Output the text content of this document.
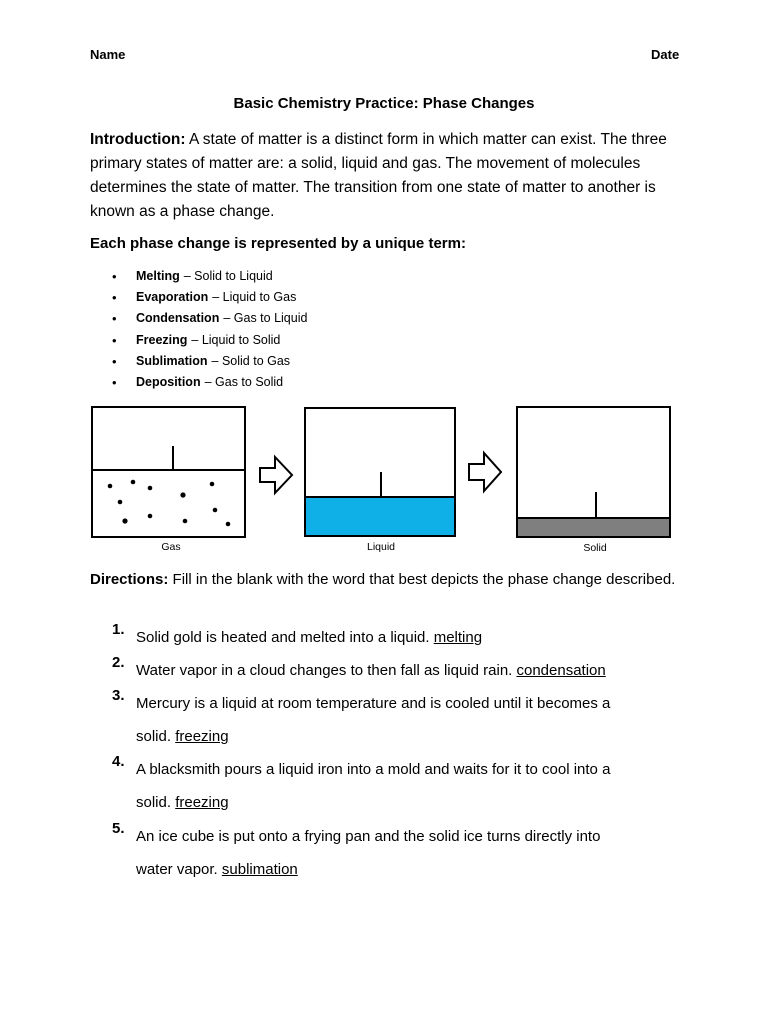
Name	Date
Basic Chemistry Practice: Phase Changes
Introduction: A state of matter is a distinct form in which matter can exist. The three primary states of matter are: a solid, liquid and gas. The movement of molecules determines the state of matter. The transition from one state of matter to another is known as a phase change.
Each phase change is represented by a unique term:
•	Melting – Solid to Liquid
•	Evaporation – Liquid to Gas
•	Condensation – Gas to Liquid
•	Freezing – Liquid to Solid
•	Sublimation – Solid to Gas
•	Deposition – Gas to Solid
Gas	Liquid	Solid
Directions: Fill in the blank with the word that best depicts the phase change described.
1. Solid gold is heated and melted into a liquid. melting
2. Water vapor in a cloud changes to then fall as liquid rain. condensation
3. Mercury is a liquid at room temperature and is cooled until it becomes a
solid. freezing
4. A blacksmith pours a liquid iron into a mold and waits for it to cool into a
solid. freezing
5. An ice cube is put onto a frying pan and the solid ice turns directly into
water vapor. sublimation
